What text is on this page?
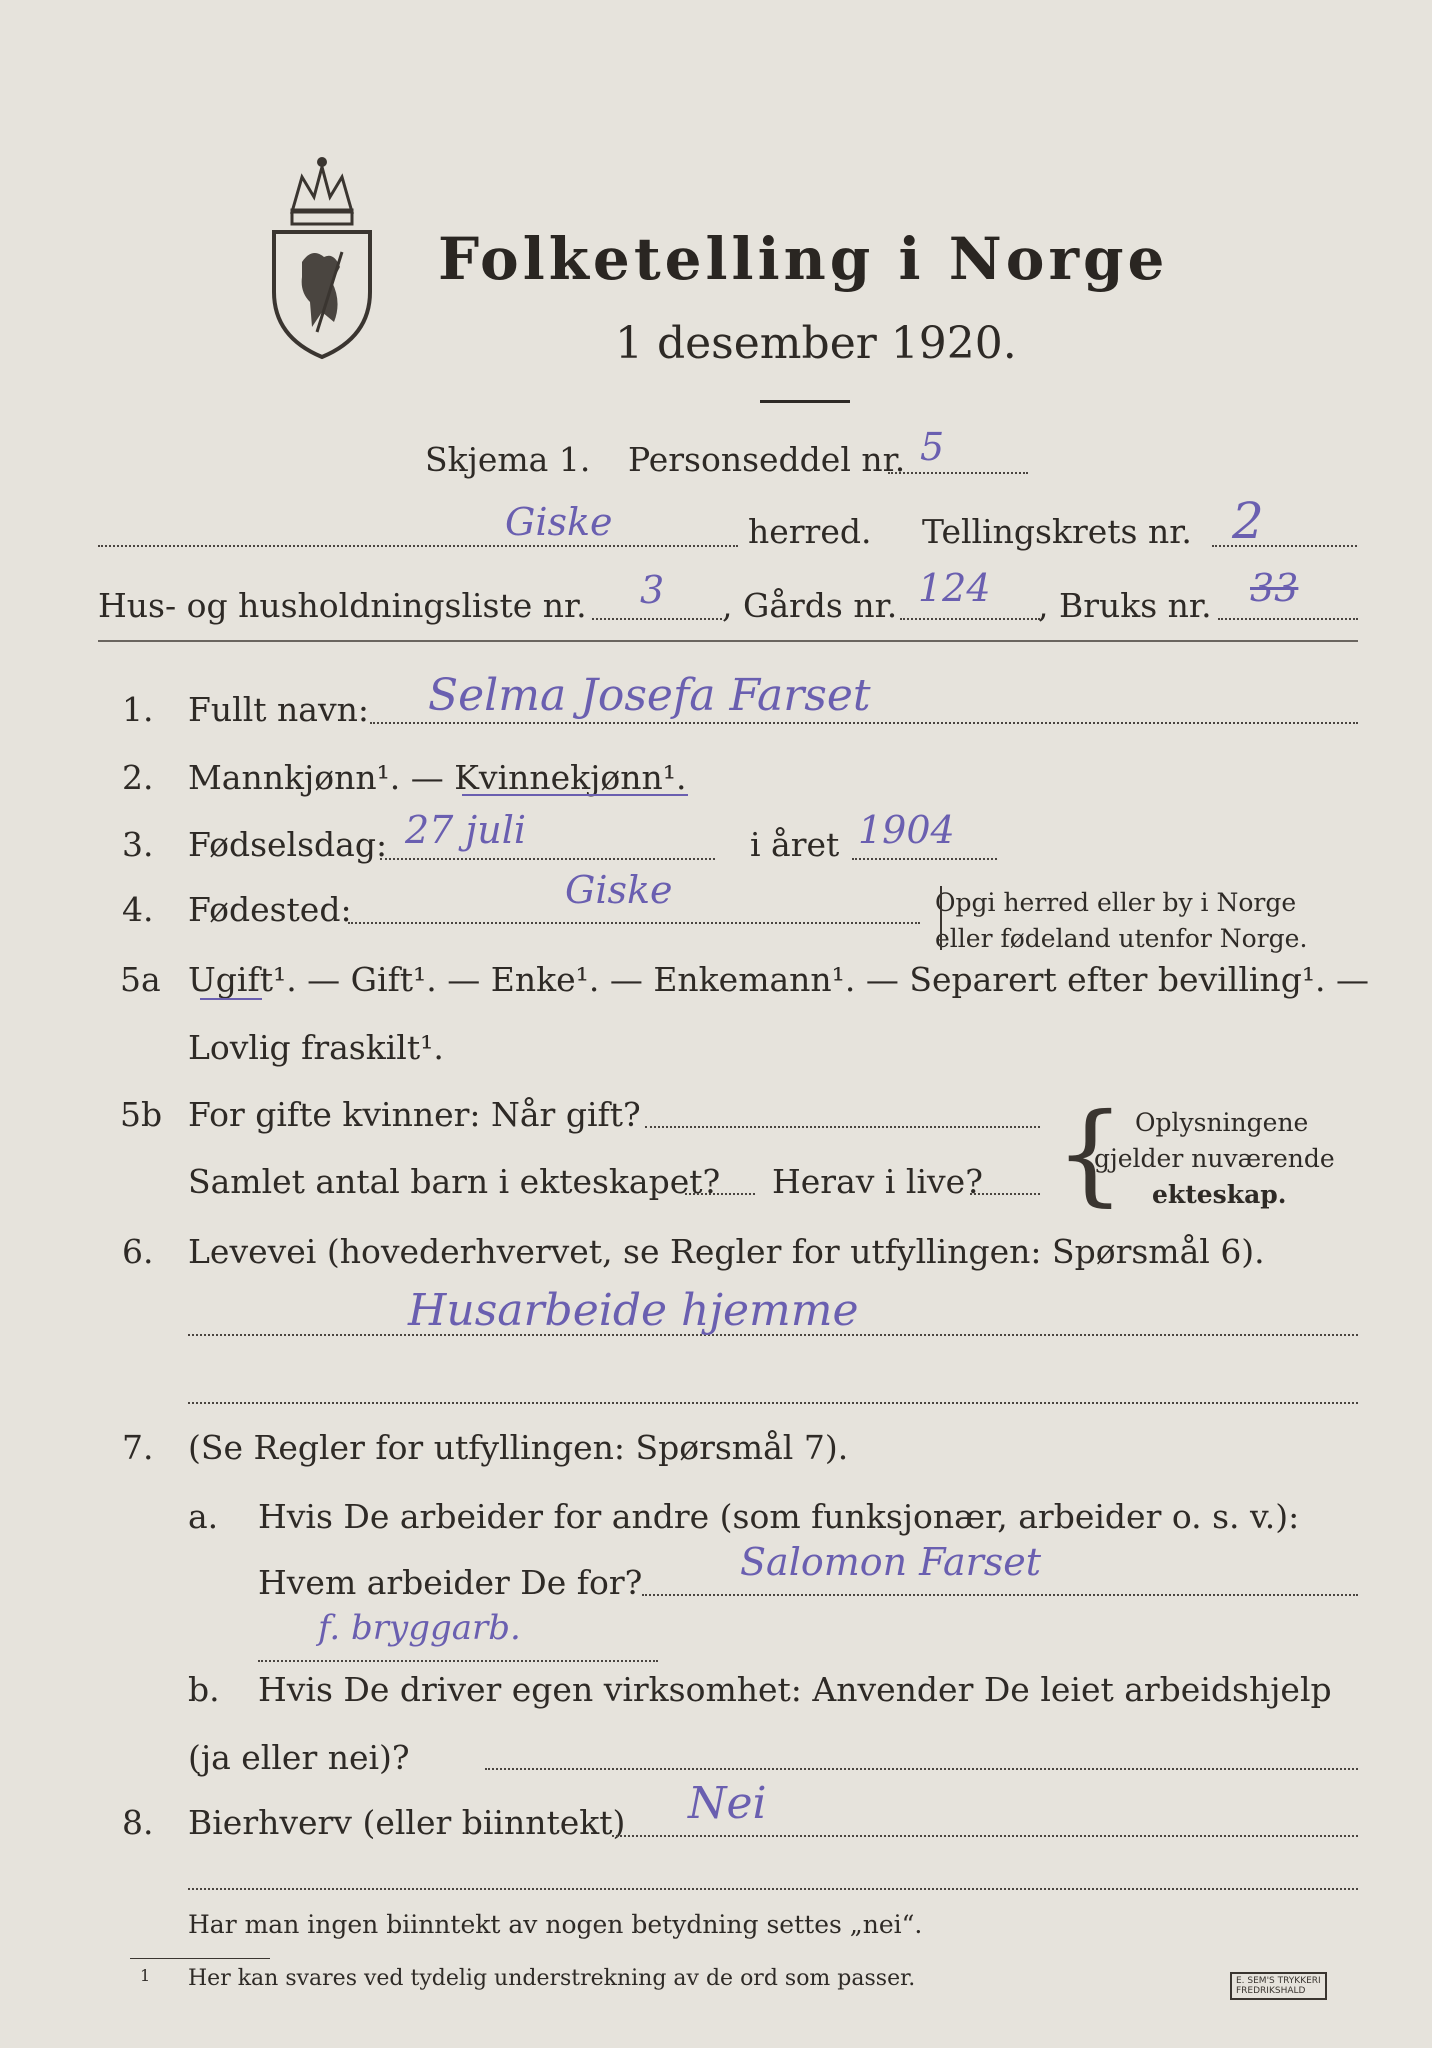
Folketelling i Norge
1 desember 1920.
Skjema 1. Personseddel nr. 5
Giske	herred. Tellingskrets nr. 2
Hus- og husholdningsliste nr. 3 , Gårds nr. 124 , Bruks nr. 33
1. Fullt navn: Selma Josefa Farset
2. Mannkjønn¹. — Kvinnekjønn¹.
3. Fødselsdag: 27 juli	i året 1904
4. Fødested:	Giske	Opgi herred eller by i Norge
eller fødeland utenfor Norge.
5a Ugift¹. — Gift¹. — Enke¹. — Enkemann¹. — Separert efter bevilling¹. —
Lovlig fraskilt¹.
5b For gifte kvinner: Når gift?
Samlet antal barn i ekteskapet? Herav i live? { Oplysningene
gjelder nuværende
ekteskap.
6. Levevei (hovederhvervet, se Regler for utfyllingen: Spørsmål 6).
Husarbeide hjemme
7. (Se Regler for utfyllingen: Spørsmål 7).
a. Hvis De arbeider for andre (som funksjonær, arbeider o. s. v.):
Hvem arbeider De for?	Salomon Farset
f. bryggarb.
b. Hvis De driver egen virksomhet: Anvender De leiet arbeidshjelp
(ja eller nei)?
8. Bierhverv (eller biinntekt) Nei
Har man ingen biinntekt av nogen betydning settes „nei“.
1 Her kan svares ved tydelig understrekning av de ord som passer.	E. SEM'S TRYKKERI
FREDRIKSHALD
